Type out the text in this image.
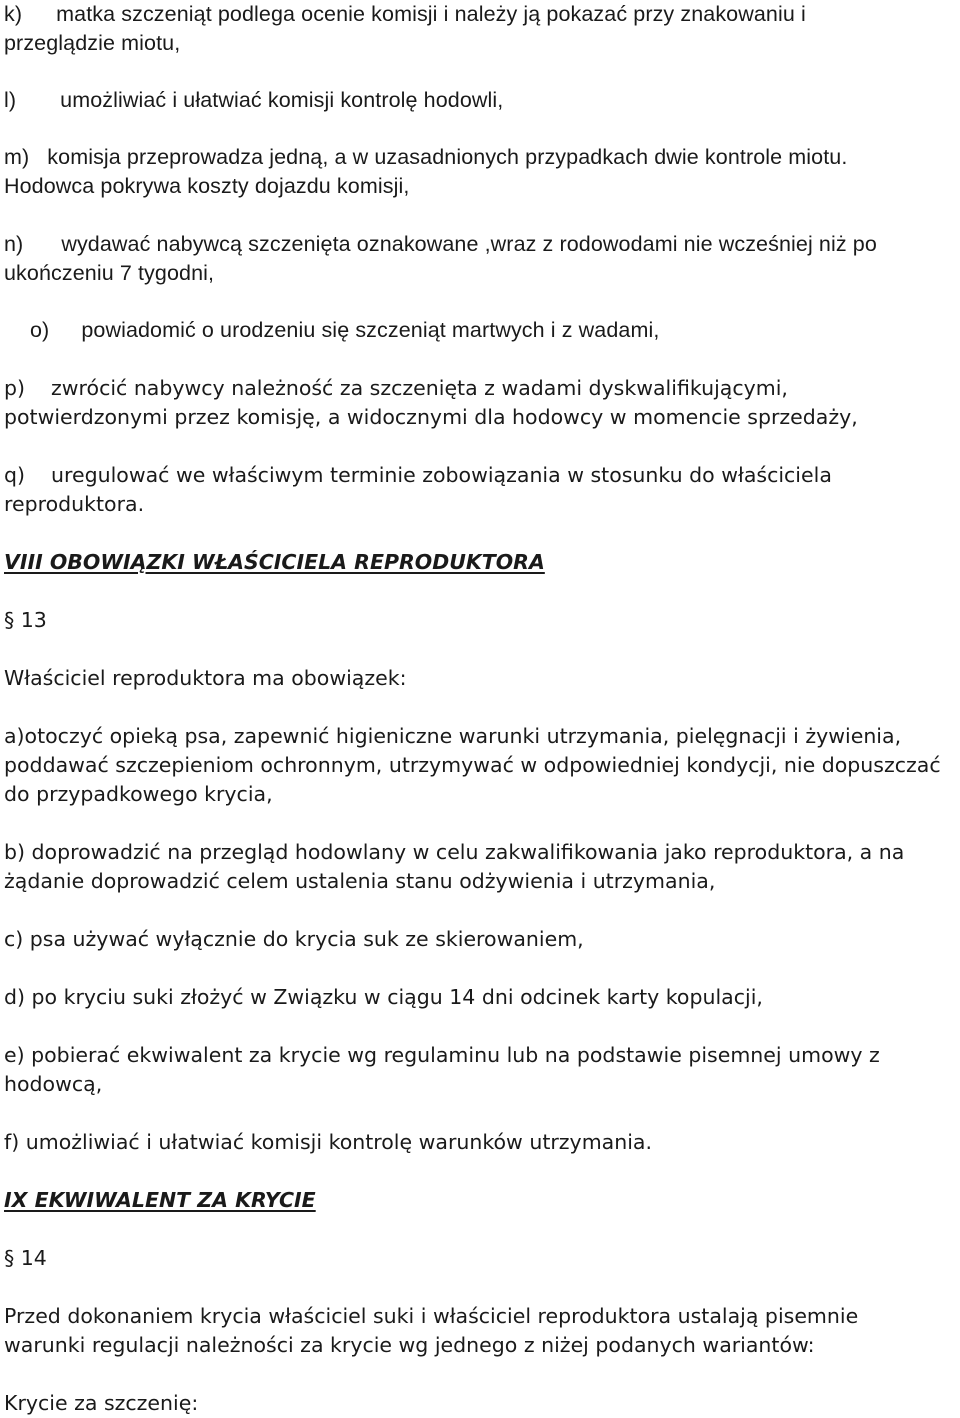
k) matka szczeniąt podlega ocenie komisji i należy ją pokazać przy znakowaniu i

przeglądzie miotu,

l) umożliwiać i ułatwiać komisji kontrolę hodowli,

m) komisja przeprowadza jedną, a w uzasadnionych przypadkach dwie kontrole miotu.

Hodowca pokrywa koszty dojazdu komisji,

n) wydawać nabywcą szczenięta oznakowane ,wraz z rodowodami nie wcześniej niż po

ukończeniu 7 tygodni,

o) powiadomić o urodzeniu się szczeniąt martwych i z wadami,

p) zwrócić nabywcy należność za szczenięta z wadami dyskwalifikującymi,

potwierdzonymi przez komisję, a widocznymi dla hodowcy w momencie sprzedaży,

q) uregulować we właściwym terminie zobowiązania w stosunku do właściciela

reproduktora.

VIII OBOWIĄZKI WŁAŚCICIELA REPRODUKTORA

§ 13

Właściciel reproduktora ma obowiązek:

a)otoczyć opieką psa, zapewnić higieniczne warunki utrzymania, pielęgnacji i żywienia,

poddawać szczepieniom ochronnym, utrzymywać w odpowiedniej kondycji, nie dopuszczać

do przypadkowego krycia,

b) doprowadzić na przegląd hodowlany w celu zakwalifikowania jako reproduktora, a na

żądanie doprowadzić celem ustalenia stanu odżywienia i utrzymania,

c) psa używać wyłącznie do krycia suk ze skierowaniem,

d) po kryciu suki złożyć w Związku w ciągu 14 dni odcinek karty kopulacji,

e) pobierać ekwiwalent za krycie wg regulaminu lub na podstawie pisemnej umowy z

hodowcą,

f) umożliwiać i ułatwiać komisji kontrolę warunków utrzymania.

IX EKWIWALENT ZA KRYCIE

§ 14

Przed dokonaniem krycia właściciel suki i właściciel reproduktora ustalają pisemnie

warunki regulacji należności za krycie wg jednego z niżej podanych wariantów:

Krycie za szczenię:
